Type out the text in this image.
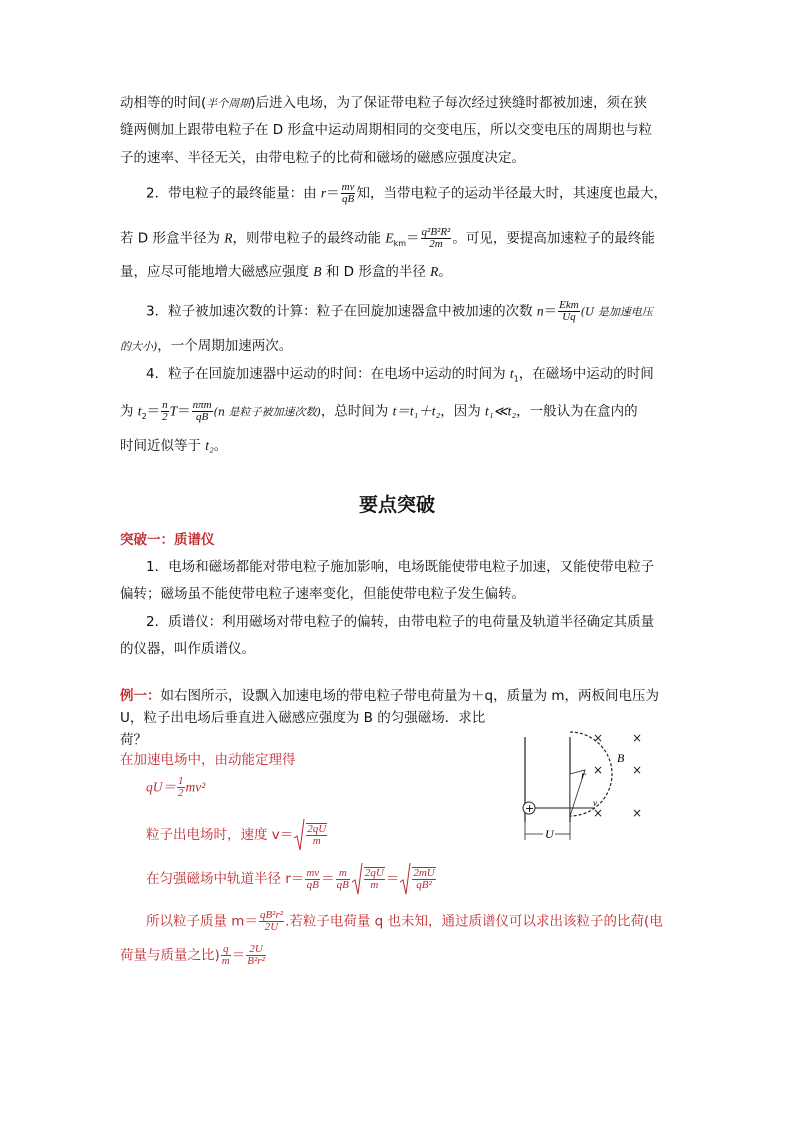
动相等的时间(半个周期)后进入电场，为了保证带电粒子每次经过狭缝时都被加速，须在狭
缝两侧加上跟带电粒子在 D 形盒中运动周期相同的交变电压，所以交变电压的周期也与粒
子的速率、半径无关，由带电粒子的比荷和磁场的磁感应强度决定。
2．带电粒子的最终能量：由 $r= \frac{mv}{qB}$ 知，当带电粒子的运动半径最大时，其速度也最大，
若 D 形盒半径为 R，则带电粒子的最终动能 $E_{km}= \frac{\text{q²B²R²}}{2m}$ 。可见，要提高加速粒子的最终能
量，应尽可能地增大磁感应强度 B 和 D 形盒的半径 R。
3．粒子被加速次数的计算：粒子在回旋加速器盒中被加速的次数 $n= \frac{\text{Ekm}}{Uq} (U$ 是加速电压
的大小)，一个周期加速两次。
4．粒子在回旋加速器中运动的时间：在电场中运动的时间为 $t_1$，在磁场中运动的时间
为 $t_2= \frac{n}{2} T= \frac{\text{nπm}}{qB} (n$ 是粒子被加速次数)，总时间为 t＝t₁＋t₂，因为 t₁≪t₂，一般认为在盒内的
时间近似等于 t₂。
要点突破
突破一：质谱仪
1．电场和磁场都能对带电粒子施加影响，电场既能使带电粒子加速，又能使带电粒子
偏转；磁场虽不能使带电粒子速率变化，但能使带电粒子发生偏转。
2．质谱仪：利用磁场对带电粒子的偏转，由带电粒子的电荷量及轨道半径确定其质量
的仪器，叫作质谱仪。
例一：如右图所示，设飘入加速电场的带电粒子带电荷量为＋q，质量为 m，两板间电压为
U，粒子出电场后垂直进入磁感应强度为 B 的匀强磁场．求比
荷？
在加速电场中，由动能定理得
$qU= \frac{1}{2} mv^2$
粒子出电场时，速度 $v= \frac{2qU}{m}$
在匀强磁场中轨道半径 $r= \frac{mv}{qB} = \frac{m}{qB} \frac{2qU}{m} = \frac{2mU}{\text{qB²}}$
所以粒子质量 $m= \frac{\text{qB²r²}}{2U}$ .若粒子电荷量 q 也未知，通过质谱仪可以求出该粒子的比荷(电
荷量与质量之比) $\frac{q}{m} = \frac{2U}{\text{B²r²}}$
+	v
r
B
× ×
× ×
× ×
U
